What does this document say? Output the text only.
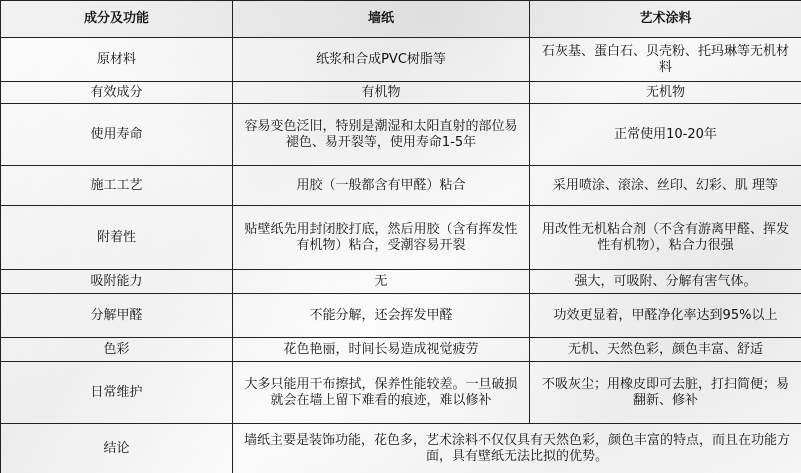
成分及功能	墙纸	艺术涂料
原材料	纸浆和合成PVC树脂等	石灰基、蛋白石、贝壳粉、托玛琳等无机材料
有效成分	有机物	无机物
使用寿命	容易变色泛旧，特别是潮湿和太阳直射的部位易褪色、易开裂等，使用寿命1-5年	正常使用10-20年
施工工艺	用胶（一般都含有甲醛）粘合	采用喷涂、滚涂、丝印、幻彩、肌 理等
附着性	贴壁纸先用封闭胶打底，然后用胶（含有挥发性有机物）粘合，受潮容易开裂	用改性无机粘合剂（不含有游离甲醛、挥发性有机物），粘合力很强
吸附能力	无	强大，可吸附、分解有害气体。
分解甲醛	不能分解，还会挥发甲醛	功效更显着，甲醛净化率达到95%以上
色彩	花色艳丽，时间长易造成视觉疲劳	无机、天然色彩，颜色丰富、舒适
日常维护	大多只能用干布擦拭，保养性能较差。一旦破损就会在墙上留下难看的痕迹，难以修补	不吸灰尘；用橡皮即可去脏，打扫简便；易翻新、修补
结论	墙纸主要是装饰功能，花色多，艺术涂料不仅仅具有天然色彩，颜色丰富的特点，而且在功能方面，具有壁纸无法比拟的优势。	
